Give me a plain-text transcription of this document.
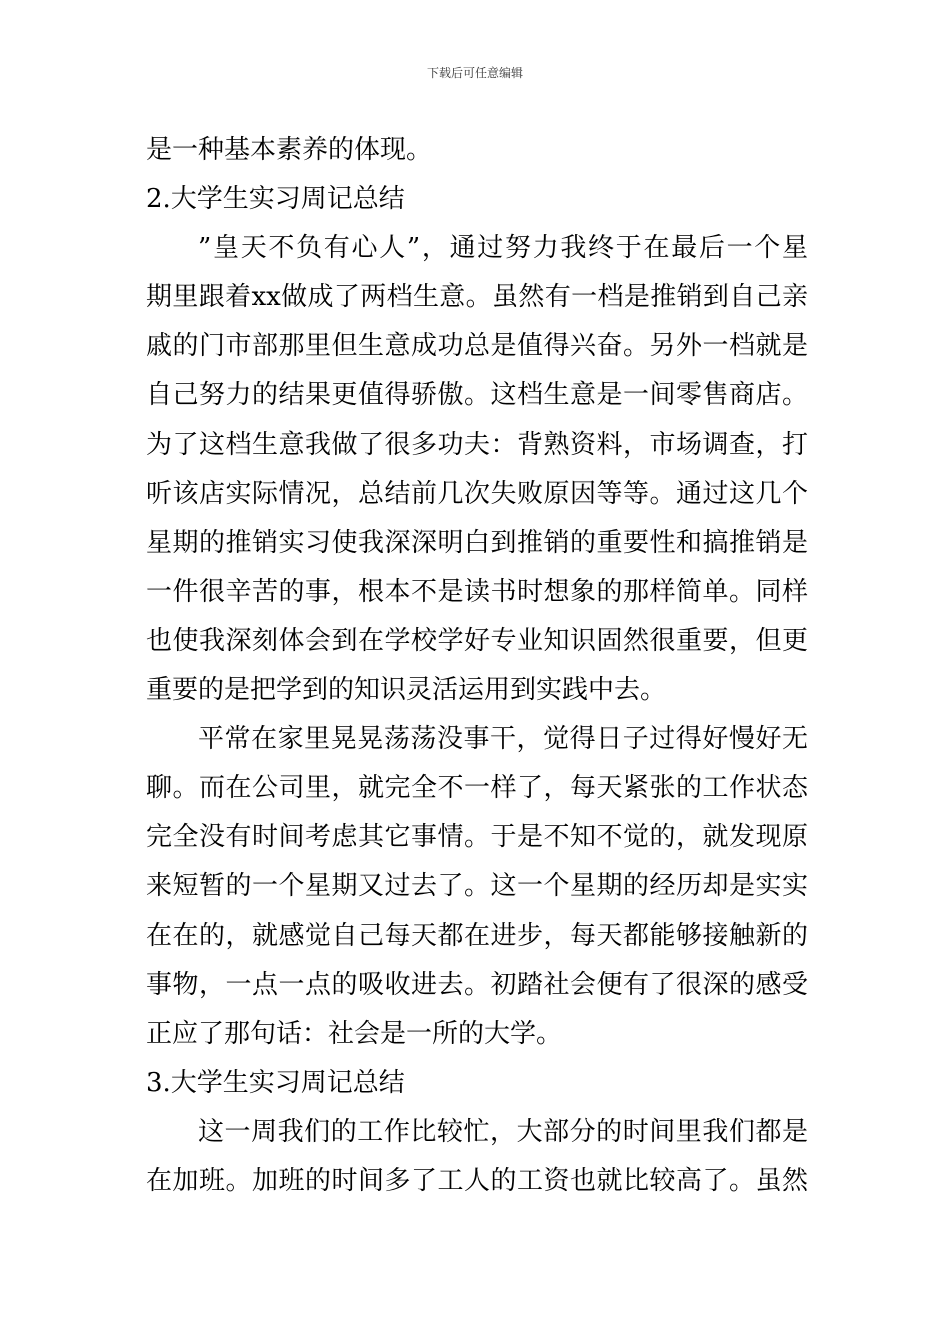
下载后可任意编辑
是一种基本素养的体现。
2.大学生实习周记总结
”皇天不负有心人”，通过努力我终于在最后一个星
期里跟着xx做成了两档生意。虽然有一档是推销到自己亲
戚的门市部那里但生意成功总是值得兴奋。另外一档就是
自己努力的结果更值得骄傲。这档生意是一间零售商店。
为了这档生意我做了很多功夫：背熟资料，市场调查，打
听该店实际情况，总结前几次失败原因等等。通过这几个
星期的推销实习使我深深明白到推销的重要性和搞推销是
一件很辛苦的事，根本不是读书时想象的那样简单。同样
也使我深刻体会到在学校学好专业知识固然很重要，但更
重要的是把学到的知识灵活运用到实践中去。
平常在家里晃晃荡荡没事干，觉得日子过得好慢好无
聊。而在公司里，就完全不一样了，每天紧张的工作状态
完全没有时间考虑其它事情。于是不知不觉的，就发现原
来短暂的一个星期又过去了。这一个星期的经历却是实实
在在的，就感觉自己每天都在进步，每天都能够接触新的
事物，一点一点的吸收进去。初踏社会便有了很深的感受
正应了那句话：社会是一所的大学。
3.大学生实习周记总结
这一周我们的工作比较忙，大部分的时间里我们都是
在加班。加班的时间多了工人的工资也就比较高了。虽然
